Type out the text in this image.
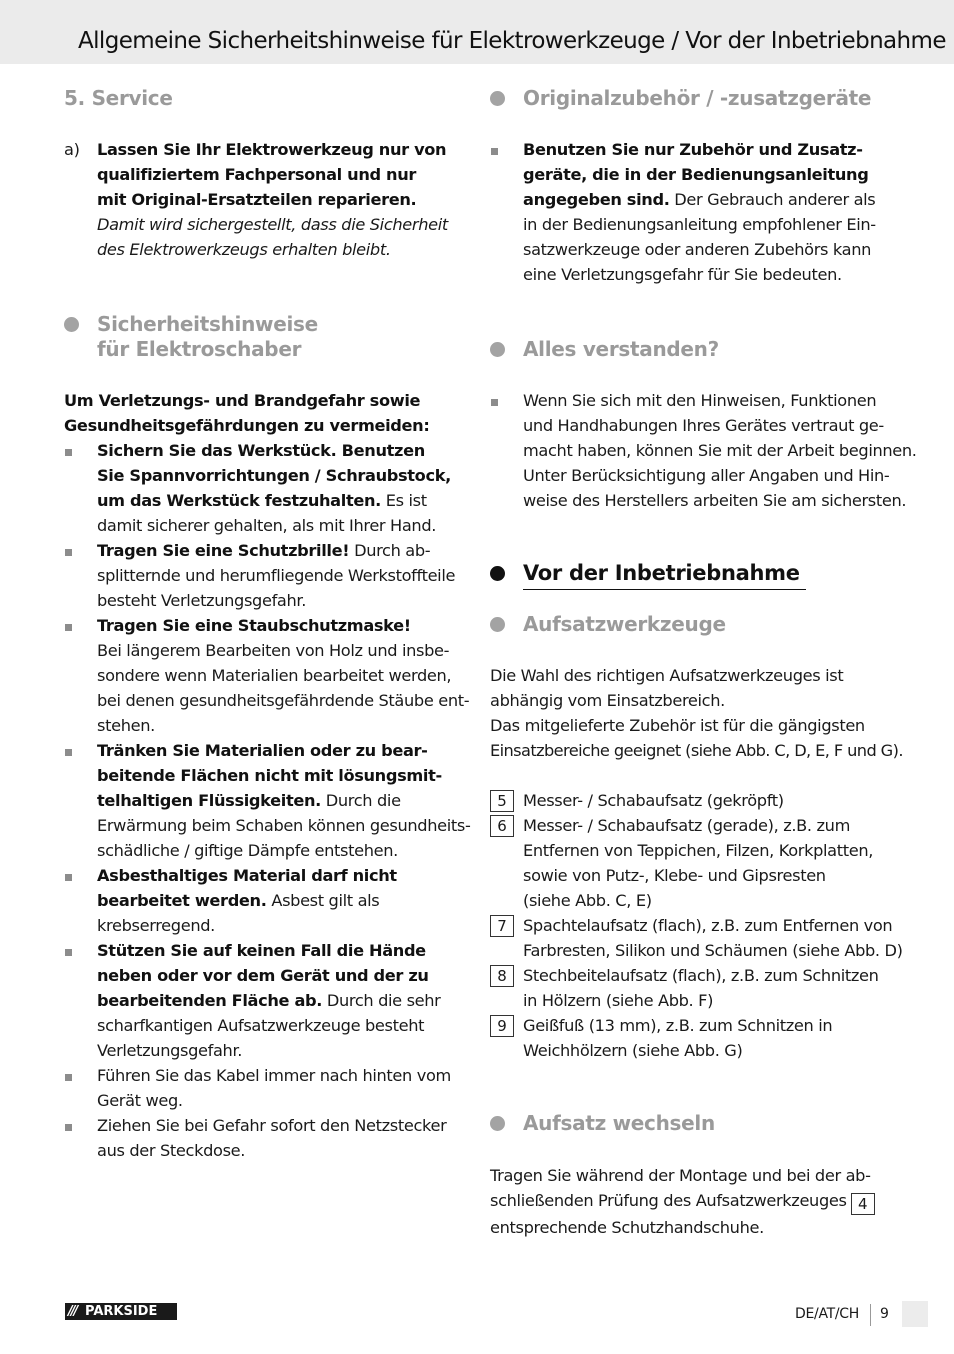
Allgemeine Sicherheitshinweise für Elektrowerkzeuge / Vor der Inbetriebnahme
5. Service
a) Lassen Sie Ihr Elektrowerkzeug nur von
qualifiziertem Fachpersonal und nur
mit Original-Ersatzteilen reparieren.
Damit wird sichergestellt, dass die Sicherheit
des Elektrowerkzeugs erhalten bleibt.
Sicherheitshinweise
für Elektroschaber
Um Verletzungs- und Brandgefahr sowie
Gesundheitsgefährdungen zu vermeiden:
Sichern Sie das Werkstück. Benutzen
Sie Spannvorrichtungen / Schraubstock,
um das Werkstück festzuhalten. Es ist
damit sicherer gehalten, als mit Ihrer Hand.
Tragen Sie eine Schutzbrille! Durch ab-
splitternde und herumfliegende Werkstoffteile
besteht Verletzungsgefahr.
Tragen Sie eine Staubschutzmaske!
Bei längerem Bearbeiten von Holz und insbe-
sondere wenn Materialien bearbeitet werden,
bei denen gesundheitsgefährdende Stäube ent-
stehen.
Tränken Sie Materialien oder zu bear-
beitende Flächen nicht mit lösungsmit-
telhaltigen Flüssigkeiten. Durch die
Erwärmung beim Schaben können gesundheits-
schädliche / giftige Dämpfe entstehen.
Asbesthaltiges Material darf nicht
bearbeitet werden. Asbest gilt als
krebserregend.
Stützen Sie auf keinen Fall die Hände
neben oder vor dem Gerät und der zu
bearbeitenden Fläche ab. Durch die sehr
scharfkantigen Aufsatzwerkzeuge besteht
Verletzungsgefahr.
Führen Sie das Kabel immer nach hinten vom
Gerät weg.
Ziehen Sie bei Gefahr sofort den Netzstecker
aus der Steckdose.
Originalzubehör / -zusatzgeräte
Benutzen Sie nur Zubehör und Zusatz-
geräte, die in der Bedienungsanleitung
angegeben sind. Der Gebrauch anderer als
in der Bedienungsanleitung empfohlener Ein-
satzwerkzeuge oder anderen Zubehörs kann
eine Verletzungsgefahr für Sie bedeuten.
Alles verstanden?
Wenn Sie sich mit den Hinweisen, Funktionen
und Handhabungen Ihres Gerätes vertraut ge-
macht haben, können Sie mit der Arbeit beginnen.
Unter Berücksichtigung aller Angaben und Hin-
weise des Herstellers arbeiten Sie am sichersten.
Vor der Inbetriebnahme
Aufsatzwerkzeuge
Die Wahl des richtigen Aufsatzwerkzeuges ist
abhängig vom Einsatzbereich.
Das mitgelieferte Zubehör ist für die gängigsten
Einsatzbereiche geeignet (siehe Abb. C, D, E, F und G).
5	Messer- / Schabaufsatz (gekröpft)
6	Messer- / Schabaufsatz (gerade), z.B. zum
Entfernen von Teppichen, Filzen, Korkplatten,
sowie von Putz-, Klebe- und Gipsresten
(siehe Abb. C, E)
7	Spachtelaufsatz (flach), z.B. zum Entfernen von
Farbresten, Silikon und Schäumen (siehe Abb. D)
8	Stechbeitelaufsatz (flach), z.B. zum Schnitzen
in Hölzern (siehe Abb. F)
9	Geißfuß (13 mm), z.B. zum Schnitzen in
Weichhölzern (siehe Abb. G)
Aufsatz wechseln
Tragen Sie während der Montage und bei der ab-
schließenden Prüfung des Aufsatzwerkzeuges 4
entsprechende Schutzhandschuhe.
/// PARKSIDE	DE/AT/CH 9
